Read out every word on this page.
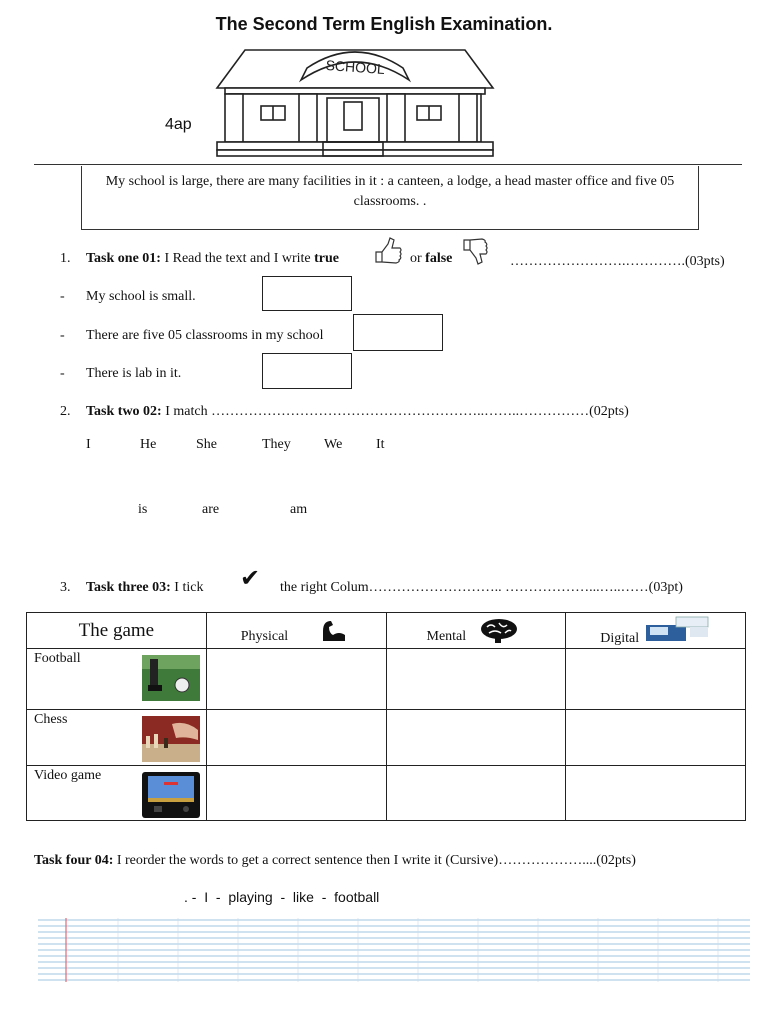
The Second Term English Examination.
SCHOOL
4ap
My school is large, there are many facilities in it : a canteen, a lodge, a head master office and five 05 classrooms. .
1. Task one 01: I Read the text and I write true	or false	…………………….………….(03pts)
- My school is small.
- There are five 05 classrooms in my school
- There is lab in it.
2. Task two 02: I match …………………………………………………..……..……………(02pts)
I	He	She	They We It
is	are	am
3. Task three 03: I tick ✔ the right Colum……………………….. ………………...…..……(03pt)
The game	Physical	Mental	Digital

Football			

Chess			

Video game			

Task four 04: I reorder the words to get a correct sentence then I write it (Cursive)………………....(02pts)
. -  I  -  playing  -  like  -  football
